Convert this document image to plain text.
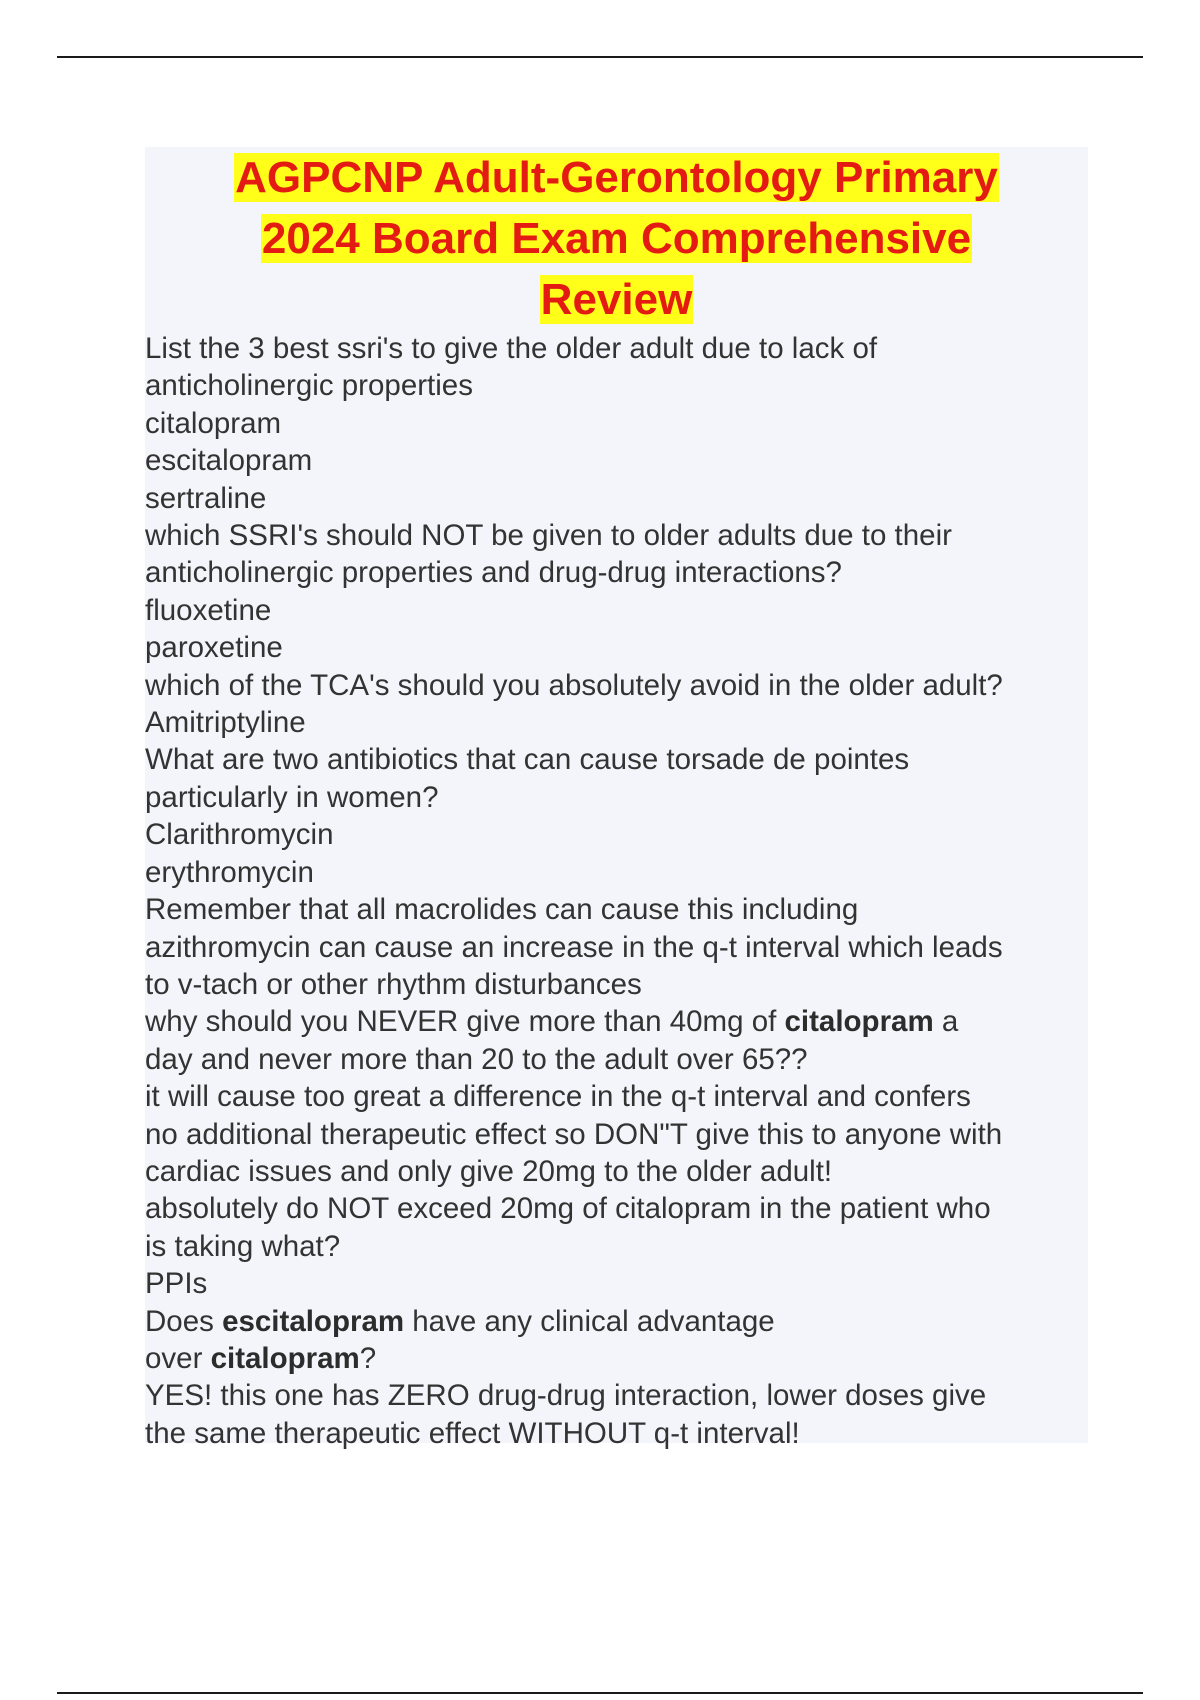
AGPCNP Adult-Gerontology Primary
2024 Board Exam Comprehensive
Review
List the 3 best ssri's to give the older adult due to lack of
anticholinergic properties
citalopram
escitalopram
sertraline
which SSRI's should NOT be given to older adults due to their
anticholinergic properties and drug-drug interactions?
fluoxetine
paroxetine
which of the TCA's should you absolutely avoid in the older adult?
Amitriptyline
What are two antibiotics that can cause torsade de pointes
particularly in women?
Clarithromycin
erythromycin
Remember that all macrolides can cause this including
azithromycin can cause an increase in the q-t interval which leads
to v-tach or other rhythm disturbances
why should you NEVER give more than 40mg of citalopram a
day and never more than 20 to the adult over 65??
it will cause too great a difference in the q-t interval and confers
no additional therapeutic effect so DON"T give this to anyone with
cardiac issues and only give 20mg to the older adult!
absolutely do NOT exceed 20mg of citalopram in the patient who
is taking what?
PPIs
Does escitalopram have any clinical advantage
over citalopram?
YES! this one has ZERO drug-drug interaction, lower doses give
the same therapeutic effect WITHOUT q-t interval!
